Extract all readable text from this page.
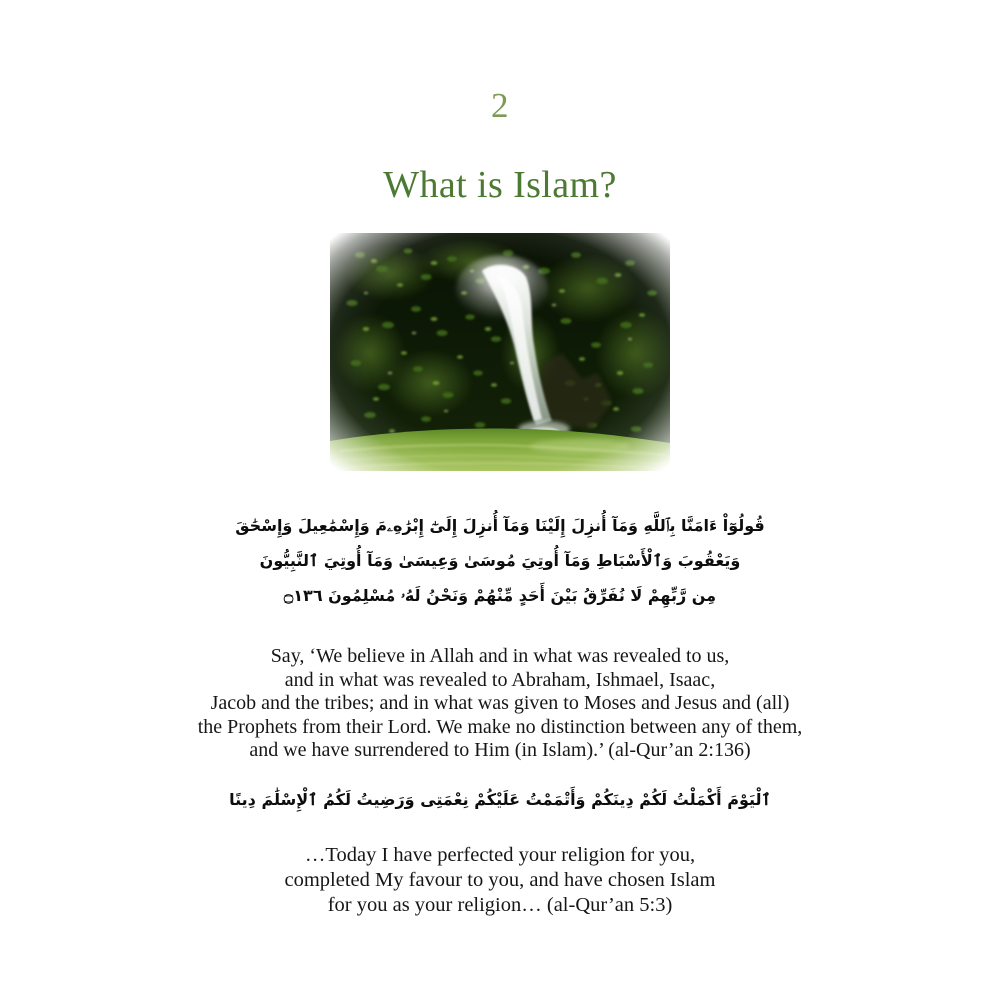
2
What is Islam?
قُولُوٓاْ ءَامَنَّا بِٱللَّهِ وَمَآ أُنزِلَ إِلَيْنَا وَمَآ أُنزِلَ إِلَىٰٓ إِبْرَٰهِۦمَ وَإِسْمَٰعِيلَ وَإِسْحَٰقَ
وَيَعْقُوبَ وَٱلْأَسْبَاطِ وَمَآ أُوتِيَ مُوسَىٰ وَعِيسَىٰ وَمَآ أُوتِيَ ٱلنَّبِيُّونَ
مِن رَّبِّهِمْ لَا نُفَرِّقُ بَيْنَ أَحَدٍ مِّنْهُمْ وَنَحْنُ لَهُۥ مُسْلِمُونَ ۝١٣٦
Say, ‘We believe in Allah and in what was revealed to us,
and in what was revealed to Abraham, Ishmael, Isaac,
Jacob and the tribes; and in what was given to Moses and Jesus and (all)
the Prophets from their Lord. We make no distinction between any of them,
and we have surrendered to Him (in Islam).’ (al-Qur’an 2:136)
ٱلْيَوْمَ أَكْمَلْتُ لَكُمْ دِينَكُمْ وَأَتْمَمْتُ عَلَيْكُمْ نِعْمَتِى وَرَضِيتُ لَكُمُ ٱلْإِسْلَٰمَ دِينًا
…Today I have perfected your religion for you,
completed My favour to you, and have chosen Islam
for you as your religion… (al-Qur’an 5:3)
